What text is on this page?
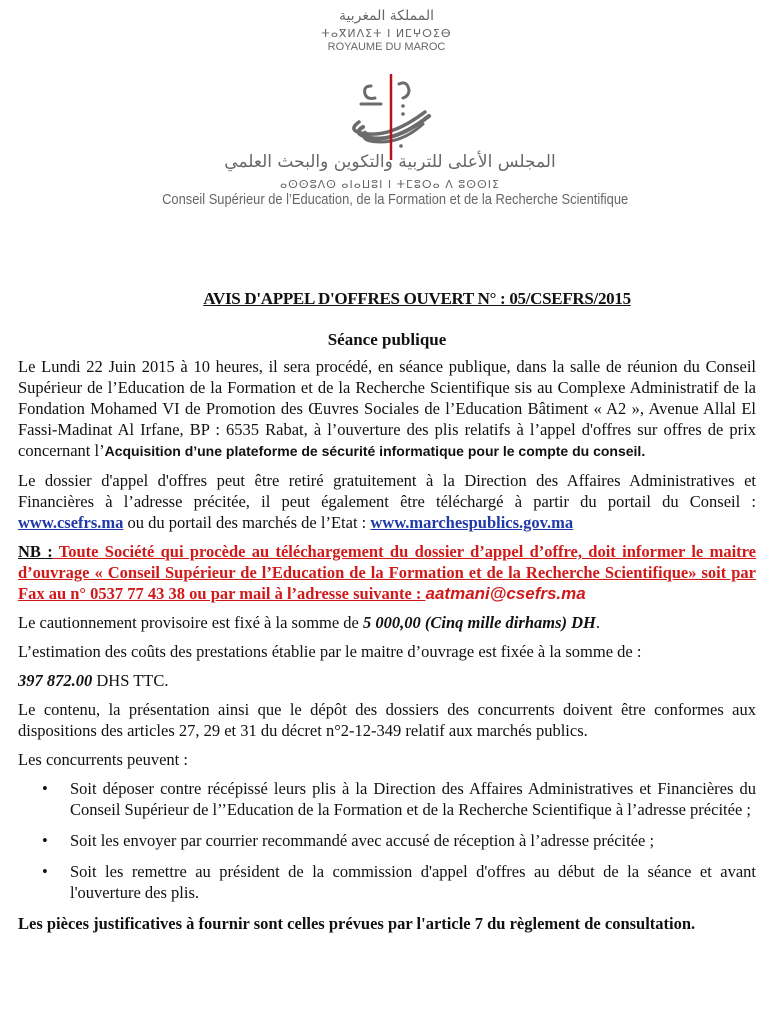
المملكة المغربية
ⵜⴰⴳⵍⴷⵉⵜ ⵏ ⵍⵎⵖⵔⵉⴱ
ROYAUME DU MAROC
المجلس الأعلى للتربية والتكوين والبحث العلمي
ⴰⵙⵙⵓⴷⵙ ⴰⵏⴰⵡⵓⵏ ⵏ ⵜⵎⵓⵔⴰ ⴷ ⵓⵙⵙⵏⵉ
Conseil Supérieur de l’Education, de la Formation et de la Recherche Scientifique
AVIS D'APPEL D'OFFRES OUVERT N° : 05/CSEFRS/2015
Séance publique

Le Lundi 22 Juin 2015 à 10 heures, il sera procédé, en séance publique, dans la salle de réunion du Conseil Supérieur de l’Education de la Formation et de la Recherche Scientifique sis au Complexe Administratif de la Fondation Mohamed VI de Promotion des Œuvres Sociales de l’Education Bâtiment « A2 », Avenue Allal El Fassi-Madinat Al Irfane, BP : 6535 Rabat, à l’ouverture des plis relatifs à l’appel d'offres sur offres de prix concernant l’Acquisition d’une plateforme de sécurité informatique pour le compte du conseil.

Le dossier d'appel d'offres peut être retiré gratuitement à la Direction des Affaires Administratives et Financières à l’adresse précitée, il peut également être téléchargé à partir du portail du Conseil : www.csefrs.ma ou du portail des marchés de l’Etat : www.marchespublics.gov.ma

NB : Toute Société qui procède au téléchargement du dossier d’appel d’offre, doit informer le maitre d’ouvrage « Conseil Supérieur de l’Education de la Formation et de la Recherche Scientifique» soit par Fax au n° 0537 77 43 38 ou par mail à l’adresse suivante : aatmani@csefrs.ma

Le cautionnement provisoire est fixé à la somme de 5 000,00 (Cinq mille dirhams) DH.

L’estimation des coûts des prestations établie par le maitre d’ouvrage est fixée à la somme de :

397 872.00 DHS TTC.

Le contenu, la présentation ainsi que le dépôt des dossiers des concurrents doivent être conformes aux dispositions des articles 27, 29 et 31 du décret n°2-12-349 relatif aux marchés publics.

Les concurrents peuvent :

• Soit déposer contre récépissé leurs plis à la Direction des Affaires Administratives et Financières du Conseil Supérieur de l’’Education de la Formation et de la Recherche Scientifique à l’adresse précitée ;
• Soit les envoyer par courrier recommandé avec accusé de réception à l’adresse précitée ;
• Soit les remettre au président de la commission d'appel d'offres au début de la séance et avant l'ouverture des plis.

Les pièces justificatives à fournir sont celles prévues par l'article 7 du règlement de consultation.
